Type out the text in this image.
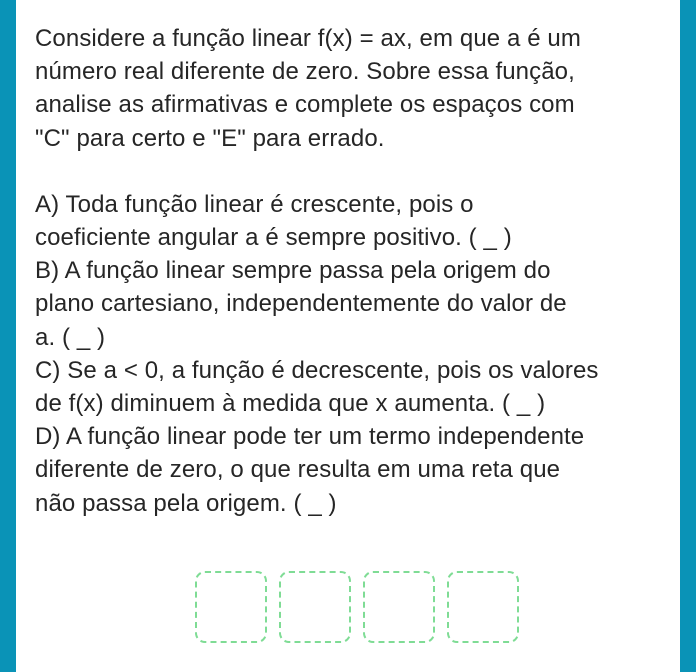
Considere a função linear f(x) = ax, em que a é um
número real diferente de zero. Sobre essa função,
analise as afirmativas e complete os espaços com
"C" para certo e "E" para errado.

A) Toda função linear é crescente, pois o
coeficiente angular a é sempre positivo. ( _ )

B) A função linear sempre passa pela origem do
plano cartesiano, independentemente do valor de
a. ( _ )

C) Se a < 0, a função é decrescente, pois os valores
de f(x) diminuem à medida que x aumenta. ( _ )

D) A função linear pode ter um termo independente
diferente de zero, o que resulta em uma reta que
não passa pela origem. ( _ )
